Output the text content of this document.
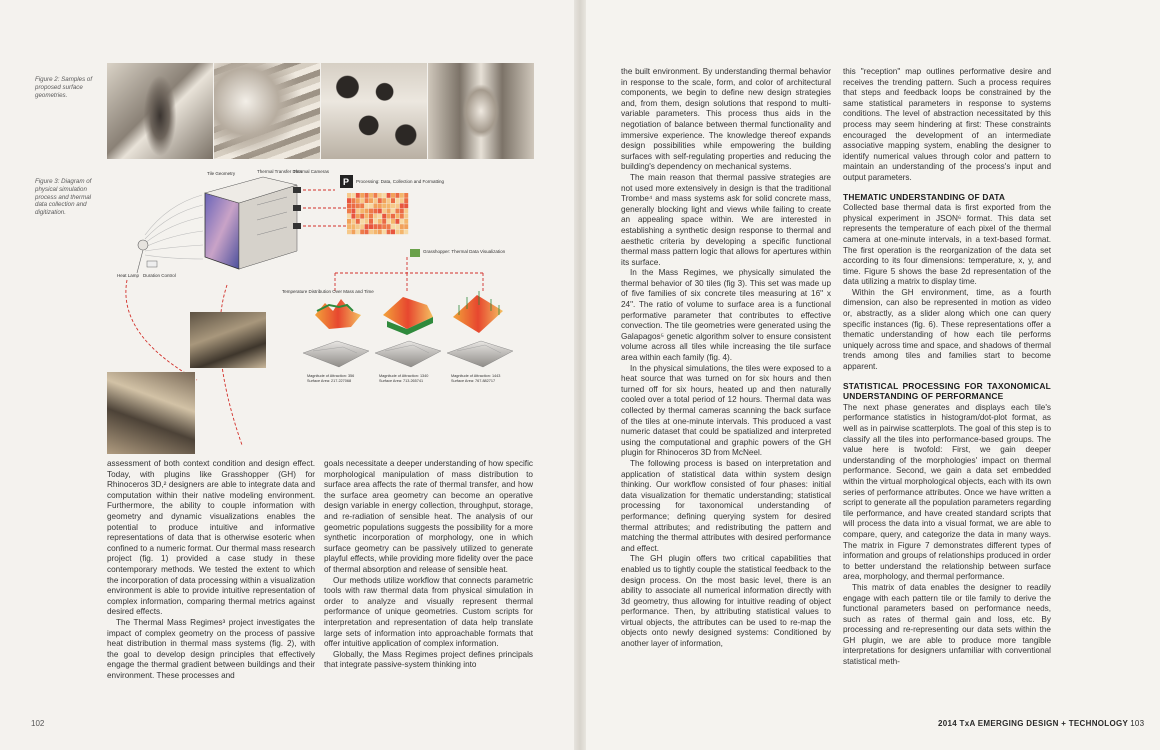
Figure 2: Samples of proposed surface geometries.
Figure 3: Diagram of physical simulation process and thermal data collection and digitization.
Tile Geometry	Thermal Transfer Data
Thermal Cameras
Heat Lamp Duration Control
P Processing: Data, Collection and Formatting
Grasshopper: Thermal Data Visualization
Temperature Distribution Over Mass and Time
Magnitude of Attraction: 356
Surface Area: 217.227068
Magnitude of Attraction: 1340
Surface Area: 713.265741
Magnitude of Attraction: 1443
Surface Area: 767.882717

assessment of both context condition and design effect. Today, with plugins like Grasshopper (GH) for Rhinoceros 3D,² designers are able to integrate data and computation within their native modeling environment. Furthermore, the ability to couple information with geometry and dynamic visualizations enables the potential to produce intuitive and informative representations of data that is otherwise esoteric when confined to a numeric format. Our thermal mass research project (fig. 1) provided a case study in these contemporary methods. We tested the extent to which the incorporation of data processing within a visualization environment is able to provide intuitive representation of complex information, comparing thermal metrics against desired effects.

The Thermal Mass Regimes³ project investigates the impact of complex geometry on the process of passive heat distribution in thermal mass systems (fig. 2), with the goal to develop design principles that effectively engage the thermal gradient between buildings and their environment. These processes and

goals necessitate a deeper understanding of how specific morphological manipulation of mass distribution to surface area affects the rate of thermal transfer, and how the surface area geometry can become an operative design variable in energy collection, throughput, storage, and re-radiation of sensible heat. The analysis of our geometric populations suggests the possibility for a more synthetic incorporation of morphology, one in which surface geometry can be passively utilized to generate playful effects, while providing more fidelity over the pace of thermal absorption and release of sensible heat.

Our methods utilize workflow that connects parametric tools with raw thermal data from physical simulation in order to analyze and visually represent thermal performance of unique geometries. Custom scripts for interpretation and representation of data help translate large sets of information into approachable formats that offer intuitive application of complex information.

Globally, the Mass Regimes project defines principals that integrate passive-system thinking into

the built environment. By understanding thermal behavior in response to the scale, form, and color of architectural components, we begin to define new design strategies and, from them, design solutions that respond to multi-variable parameters. This process thus aids in the negotiation of balance between thermal functionality and immersive experience. The knowledge thereof expands design possibilities while empowering the building surfaces with self-regulating properties and reducing the building's dependency on mechanical systems.

The main reason that thermal passive strategies are not used more extensively in design is that the traditional Trombe⁴ and mass systems ask for solid concrete mass, generally blocking light and views while failing to create an appealing space within. We are interested in establishing a synthetic design response to thermal and aesthetic criteria by developing a specific functional thermal mass pattern logic that allows for apertures within its surface.

In the Mass Regimes, we physically simulated the thermal behavior of 30 tiles (fig 3). This set was made up of five families of six concrete tiles measuring at 16" x 24". The ratio of volume to surface area is a functional performative parameter that contributes to effective convection. The tile geometries were generated using the Galapagos⁵ genetic algorithm solver to ensure consistent volume across all tiles while increasing the tile surface area within each family (fig. 4).

In the physical simulations, the tiles were exposed to a heat source that was turned on for six hours and then turned off for six hours, heated up and then naturally cooled over a total period of 12 hours. Thermal data was collected by thermal cameras scanning the back surface of the tiles at one-minute intervals. This produced a vast numeric dataset that could be spatialized and interpreted using the computational and graphic powers of the GH plugin for Rhinoceros 3D from McNeel.

The following process is based on interpretation and application of statistical data within system design thinking. Our workflow consisted of four phases: initial data visualization for thematic understanding; statistical processing for taxonomical understanding of performance; defining querying system for desired thermal attributes; and redistributing the pattern and matching the thermal attributes with desired performance and effect.

The GH plugin offers two critical capabilities that enabled us to tightly couple the statistical feedback to the design process. On the most basic level, there is an ability to associate all numerical information directly with 3d geometry, thus allowing for intuitive reading of object performance. Then, by attributing statistical values to virtual objects, the attributes can be used to re-map the objects onto newly designed systems: Conditioned by another layer of information,

this "reception" map outlines performative desire and receives the trending pattern. Such a process requires that steps and feedback loops be constrained by the same statistical parameters in response to systems conditions. The level of abstraction necessitated by this process may seem hindering at first: These constraints encouraged the development of an intermediate associative mapping system, enabling the designer to identify numerical values through color and pattern to maintain an understanding of the process's input and output parameters.

THEMATIC UNDERSTANDING OF DATA

Collected base thermal data is first exported from the physical experiment in JSON⁶ format. This data set represents the temperature of each pixel of the thermal camera at one-minute intervals, in a text-based format. The first operation is the reorganization of the data set according to its four dimensions: temperature, x, y, and time. Figure 5 shows the base 2d representation of the data utilizing a matrix to display time.

Within the GH environment, time, as a fourth dimension, can also be represented in motion as video or, abstractly, as a slider along which one can query specific instances (fig. 6). These representations offer a thematic understanding of how each tile performs uniquely across time and space, and shadows of thermal trends among tiles and families start to become apparent.

STATISTICAL PROCESSING FOR TAXONOMICAL UNDERSTANDING OF PERFORMANCE

The next phase generates and displays each tile's performance statistics in histogram/dot-plot format, as well as in pairwise scatterplots. The goal of this step is to classify all the tiles into performance-based groups. The value here is twofold: First, we gain deeper understanding of the morphologies' impact on thermal performance. Second, we gain a data set embedded within the virtual morphological objects, each with its own series of performance attributes. Once we have written a script to generate all the population parameters regarding tile performance, and have created standard scripts that will process the data into a visual format, we are able to compare, query, and categorize the data in many ways. The matrix in Figure 7 demonstrates different types of information and groups of relationships produced in order to better understand the relationship between surface area, morphology, and thermal performance.

This matrix of data enables the designer to readily engage with each pattern tile or tile family to derive the functional parameters based on performance needs, such as rates of thermal gain and loss, etc. By processing and re-representing our data sets within the GH plugin, we are able to produce more tangible interpretations for designers unfamiliar with conventional statistical meth-

102	2014 TxA EMERGING DESIGN + TECHNOLOGY 103
